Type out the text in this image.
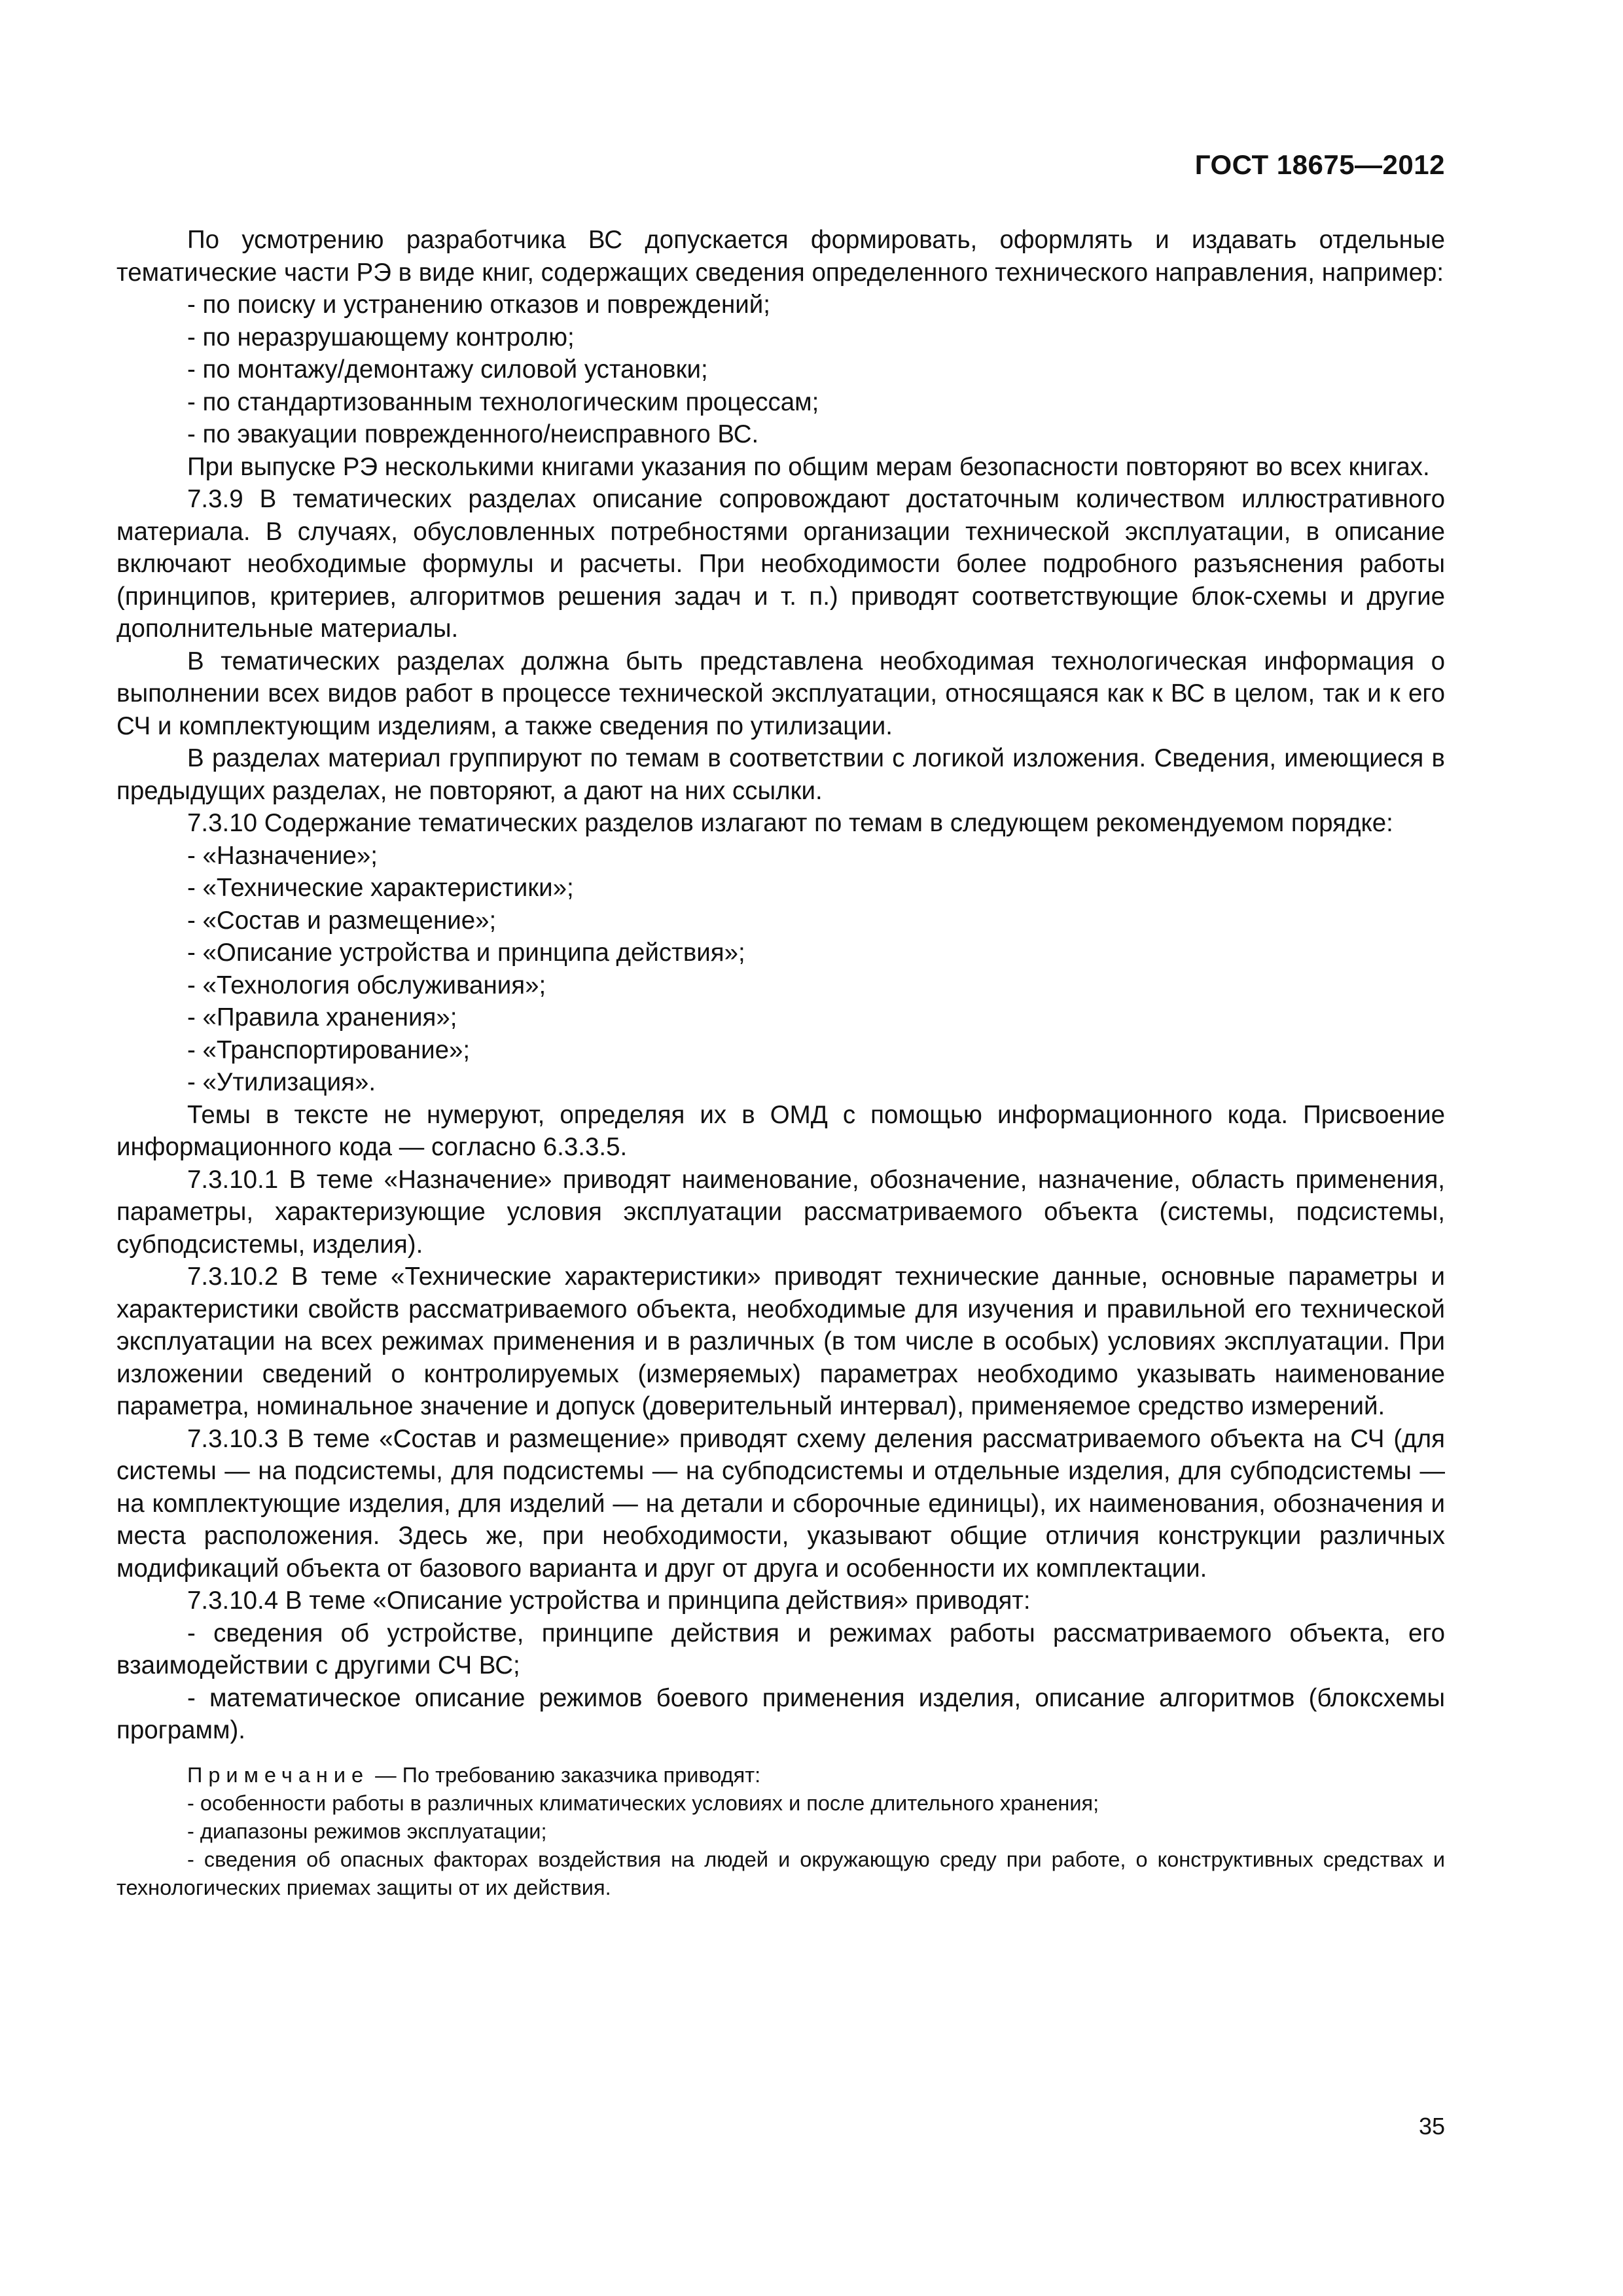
ГОСТ 18675—2012

По усмотрению разработчика ВС допускается формировать, оформлять и издавать отдельные тематические части РЭ в виде книг, содержащих сведения определенного технического направления, например:

- по поиску и устранению отказов и повреждений;

- по неразрушающему контролю;

- по монтажу/демонтажу силовой установки;

- по стандартизованным технологическим процессам;

- по эвакуации поврежденного/неисправного ВС.

При выпуске РЭ несколькими книгами указания по общим мерам безопасности повторяют во всех книгах.

7.3.9 В тематических разделах описание сопровождают достаточным количеством иллюстративного материала. В случаях, обусловленных потребностями организации технической эксплуатации, в описание включают необходимые формулы и расчеты. При необходимости более подробного разъяснения работы (принципов, критериев, алгоритмов решения задач и т. п.) приводят соответствующие блок-схемы и другие дополнительные материалы.

В тематических разделах должна быть представлена необходимая технологическая информация о выполнении всех видов работ в процессе технической эксплуатации, относящаяся как к ВС в целом, так и к его СЧ и комплектующим изделиям, а также сведения по утилизации.

В разделах материал группируют по темам в соответствии с логикой изложения. Сведения, имеющиеся в предыдущих разделах, не повторяют, а дают на них ссылки.

7.3.10 Содержание тематических разделов излагают по темам в следующем рекомендуемом порядке:

- «Назначение»;

- «Технические характеристики»;

- «Состав и размещение»;

- «Описание устройства и принципа действия»;

- «Технология обслуживания»;

- «Правила хранения»;

- «Транспортирование»;

- «Утилизация».

Темы в тексте не нумеруют, определяя их в ОМД с помощью информационного кода. Присвоение информационного кода — согласно 6.3.3.5.

7.3.10.1 В теме «Назначение» приводят наименование, обозначение, назначение, область применения, параметры, характеризующие условия эксплуатации рассматриваемого объекта (системы, подсистемы, субподсистемы, изделия).

7.3.10.2 В теме «Технические характеристики» приводят технические данные, основные параметры и характеристики свойств рассматриваемого объекта, необходимые для изучения и правильной его технической эксплуатации на всех режимах применения и в различных (в том числе в особых) условиях эксплуатации. При изложении сведений о контролируемых (измеряемых) параметрах необходимо указывать наименование параметра, номинальное значение и допуск (доверительный интервал), применяемое средство измерений.

7.3.10.3 В теме «Состав и размещение» приводят схему деления рассматриваемого объекта на СЧ (для системы — на подсистемы, для подсистемы — на субподсистемы и отдельные изделия, для субподсистемы — на комплектующие изделия, для изделий — на детали и сборочные единицы), их наименования, обозначения и места расположения. Здесь же, при необходимости, указывают общие отличия конструкции различных модификаций объекта от базового варианта и друг от друга и особенности их комплектации.

7.3.10.4 В теме «Описание устройства и принципа действия» приводят:

- сведения об устройстве, принципе действия и режимах работы рассматриваемого объекта, его взаимодействии с другими СЧ ВС;

- математическое описание режимов боевого применения изделия, описание алгоритмов (блоксхемы программ).

Примечание — По требованию заказчика приводят:

- особенности работы в различных климатических условиях и после длительного хранения;

- диапазоны режимов эксплуатации;

- сведения об опасных факторах воздействия на людей и окружающую среду при работе, о конструктивных средствах и технологических приемах защиты от их действия.

35
